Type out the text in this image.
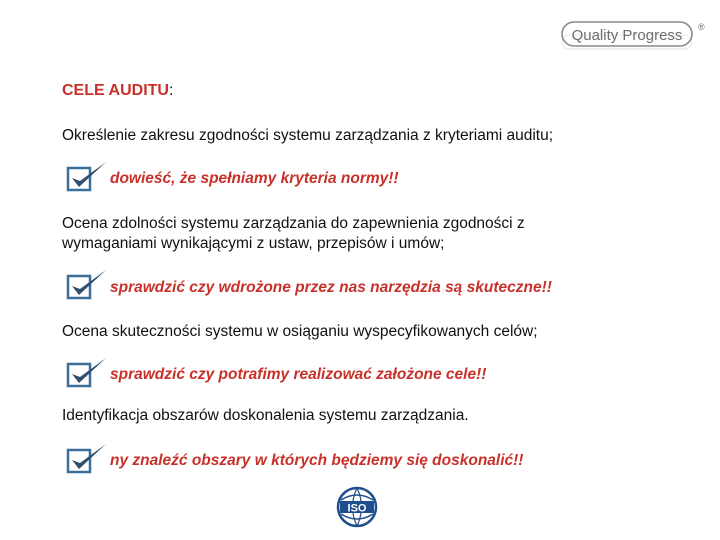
Quality Progress ®
CELE AUDITU:
Określenie zakresu zgodności systemu zarządzania z kryteriami auditu;
dowieść, że spełniamy kryteria normy!!
Ocena zdolności systemu zarządzania do zapewnienia zgodności z
wymaganiami wynikającymi z ustaw, przepisów i umów;
sprawdzić czy wdrożone przez nas narzędzia są skuteczne!!
Ocena skuteczności systemu w osiąganiu wyspecyfikowanych celów;
sprawdzić czy potrafimy realizować założone cele!!
Identyfikacja obszarów doskonalenia systemu zarządzania.
ny znaleźć obszary w których będziemy się doskonalić!!
ISO
